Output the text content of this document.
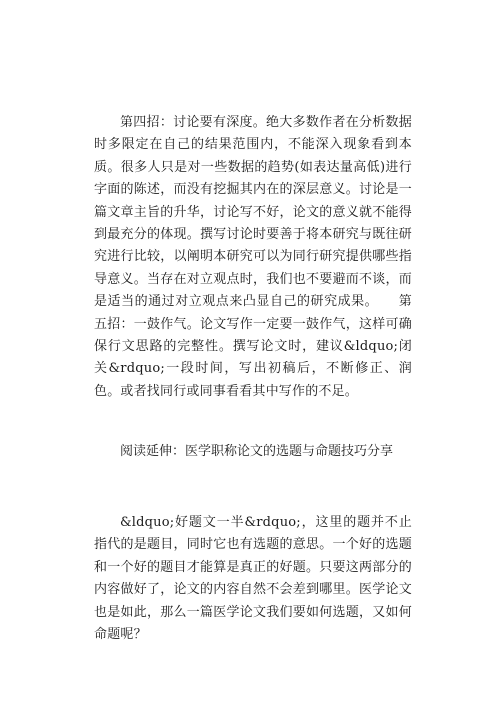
第四招：讨论要有深度。绝大多数作者在分析数据时多限定在自己的结果范围内，不能深入现象看到本质。很多人只是对一些数据的趋势(如表达量高低)进行字面的陈述，而没有挖掘其内在的深层意义。讨论是一篇文章主旨的升华，讨论写不好，论文的意义就不能得到最充分的体现。撰写讨论时要善于将本研究与既往研究进行比较，以阐明本研究可以为同行研究提供哪些指导意义。当存在对立观点时，我们也不要避而不谈，而是适当的通过对立观点来凸显自己的研究成果。　　第五招：一鼓作气。论文写作一定要一鼓作气，这样可确保行文思路的完整性。撰写论文时，建议&ldquo;闭关&rdquo;一段时间，写出初稿后，不断修正、润色。或者找同行或同事看看其中写作的不足。

阅读延伸：医学职称论文的选题与命题技巧分享

&ldquo;好题文一半&rdquo;，这里的题并不止指代的是题目，同时它也有选题的意思。一个好的选题和一个好的题目才能算是真正的好题。只要这两部分的内容做好了，论文的内容自然不会差到哪里。医学论文也是如此，那么一篇医学论文我们要如何选题，又如何命题呢？
